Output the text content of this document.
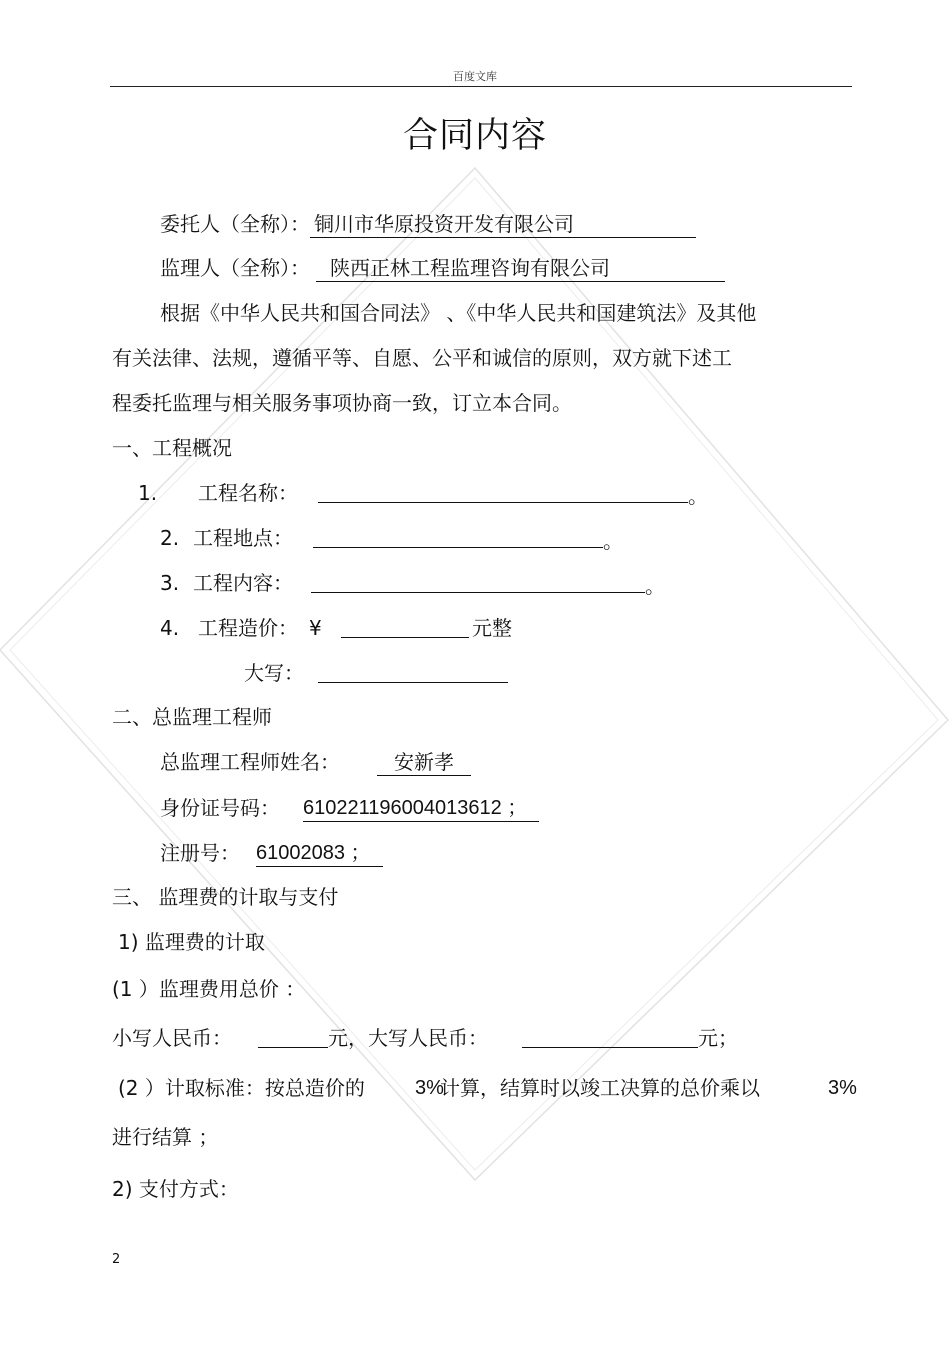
百度文库
合同内容
委托人（全称）： 铜川市华原投资开发有限公司
监理人（全称）： 陕西正林工程监理咨询有限公司
根据《中华人民共和国合同法》 、《中华人民共和国建筑法》及其他
有关法律、法规，遵循平等、自愿、公平和诚信的原则，双方就下述工
程委托监理与相关服务事项协商一致，订立本合同。
一、工程概况
1. 工程名称：	。
2. 工程地点：	。
3. 工程内容：	。
4. 工程造价： ¥	元整
大写：
二、总监理工程师
总监理工程师姓名：	安新孝
身份证号码： 610221196004013612 ；
注册号： 61002083 ；
三、 监理费的计取与支付
1) 监理费的计取
(1 ）监理费用总价 ：
小写人民币：	元，大写人民币：	元；
(2 ）计取标准：按总造价的	3%
计算，结算时以竣工决算的总价乘以	3%
进行结算 ；
2) 支付方式：
2
